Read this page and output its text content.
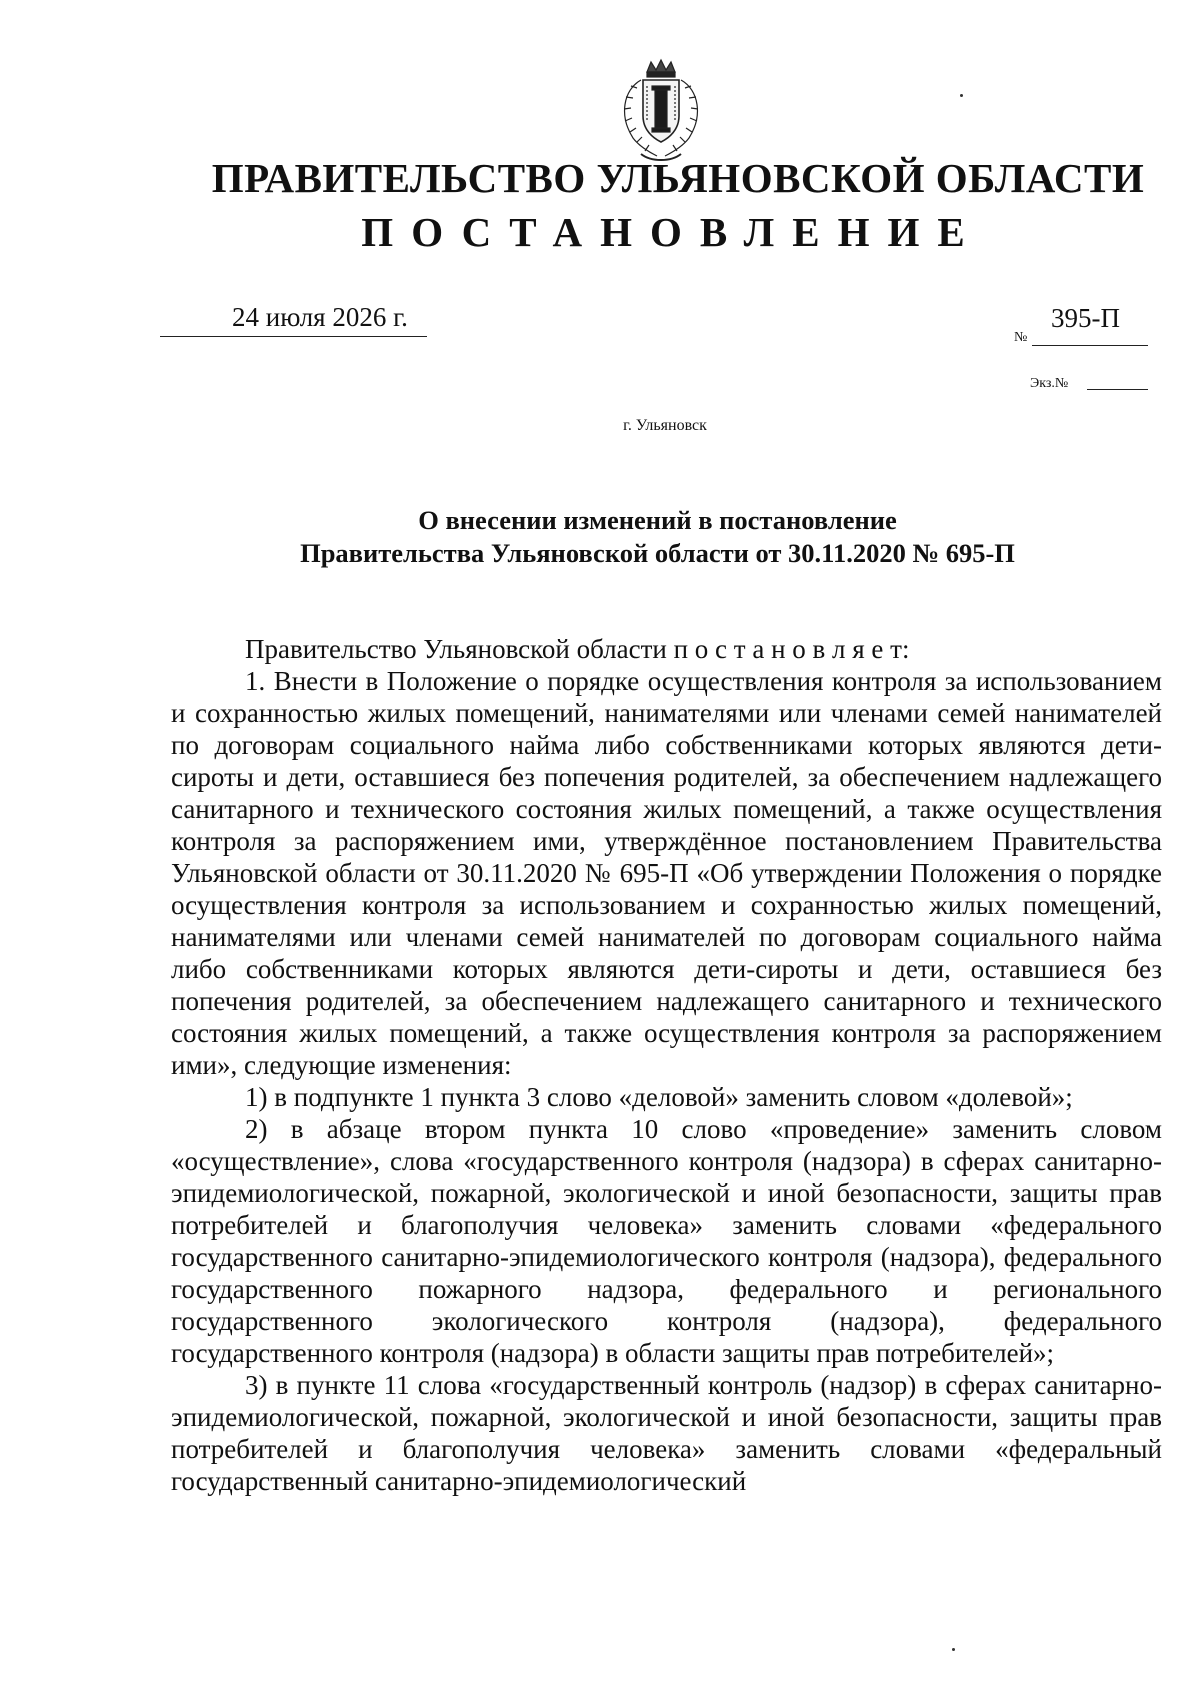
ПРАВИТЕЛЬСТВО УЛЬЯНОВСКОЙ ОБЛАСТИ
ПОСТАНОВЛЕНИЕ
24 июля 2026 г.
№
395-П
Экз.№
г. Ульяновск
О внесении изменений в постановление
Правительства Ульяновской области от 30.11.2020 № 695-П

Правительство Ульяновской области п о с т а н о в л я е т:

1. Внести в Положение о порядке осуществления контроля за использованием и сохранностью жилых помещений, нанимателями или членами семей нанимателей по договорам социального найма либо собственниками которых являются дети-сироты и дети, оставшиеся без попечения родителей, за обеспечением надлежащего санитарного и технического состояния жилых помещений, а также осуществления контроля за распоряжением ими, утверждённое постановлением Правительства Ульяновской области от 30.11.2020 № 695-П «Об утверждении Положения о порядке осуществления контроля за использованием и сохранностью жилых помещений, нанимателями или членами семей нанимателей по договорам социального найма либо собственниками которых являются дети-сироты и дети, оставшиеся без попечения родителей, за обеспечением надлежащего санитарного и технического состояния жилых помещений, а также осуществления контроля за распоряжением ими», следующие изменения:

1) в подпункте 1 пункта 3 слово «деловой» заменить словом «долевой»;

2) в абзаце втором пункта 10 слово «проведение» заменить словом «осуществление», слова «государственного контроля (надзора) в сферах санитарно-эпидемиологической, пожарной, экологической и иной безопасности, защиты прав потребителей и благополучия человека» заменить словами «федерального государственного санитарно-эпидемиологического контроля (надзора), федерального государственного пожарного надзора, федерального и регионального государственного экологического контроля (надзора), федерального государственного контроля (надзора) в области защиты прав потребителей»;

3) в пункте 11 слова «государственный контроль (надзор) в сферах санитарно-эпидемиологической, пожарной, экологической и иной безопасности, защиты прав потребителей и благополучия человека» заменить словами «федеральный государственный санитарно-эпидемиологический
